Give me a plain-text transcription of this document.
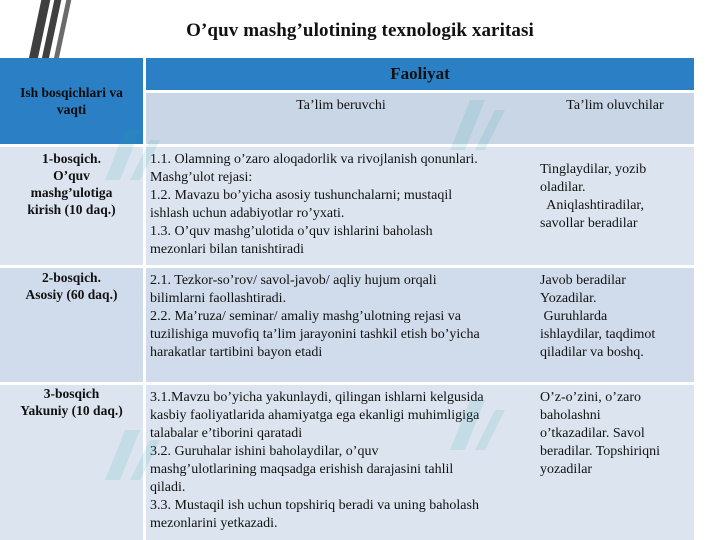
O’quv mashg’ulotining texnologik xaritasi
Ish bosqichlari va vaqti
Faoliyat
Ta’lim beruvchi	Ta’lim oluvchilar
1-bosqich.
O’quv
mashg’ulotiga
kirish (10 daq.)
1.1. Olamning o’zaro aloqadorlik va rivojlanish qonunlari.
Mashg’ulot rejasi:
1.2. Mavazu bo’yicha asosiy tushunchalarni; mustaqil
ishlash uchun adabiyotlar ro’yxati.
1.3. O’quv mashg’ulotida o’quv ishlarini baholash
mezonlari bilan tanishtiradi
Tinglaydilar, yozib
oladilar.
Aniqlashtiradilar,
savollar beradilar
2-bosqich.
Asosiy (60 daq.)
2.1. Tezkor-so’rov/ savol-javob/ aqliy hujum orqali
bilimlarni faollashtiradi.
2.2. Ma’ruza/ seminar/ amaliy mashg’ulotning rejasi va
tuzilishiga muvofiq ta’lim jarayonini tashkil etish bo’yicha
harakatlar tartibini bayon etadi
Javob beradilar
Yozadilar.
Guruhlarda
ishlaydilar, taqdimot
qiladilar va boshq.
3-bosqich
Yakuniy (10 daq.)
3.1.Mavzu bo’yicha yakunlaydi, qilingan ishlarni kelgusida
kasbiy faoliyatlarida ahamiyatga ega ekanligi muhimligiga
talabalar e’tiborini qaratadi
3.2. Guruhalar ishini baholaydilar, o’quv
mashg’ulotlarining maqsadga erishish darajasini tahlil
qiladi.
3.3. Mustaqil ish uchun topshiriq beradi va uning baholash
mezonlarini yetkazadi.
O’z-o’zini, o’zaro
baholashni
o’tkazadilar. Savol
beradilar. Topshiriqni
yozadilar
